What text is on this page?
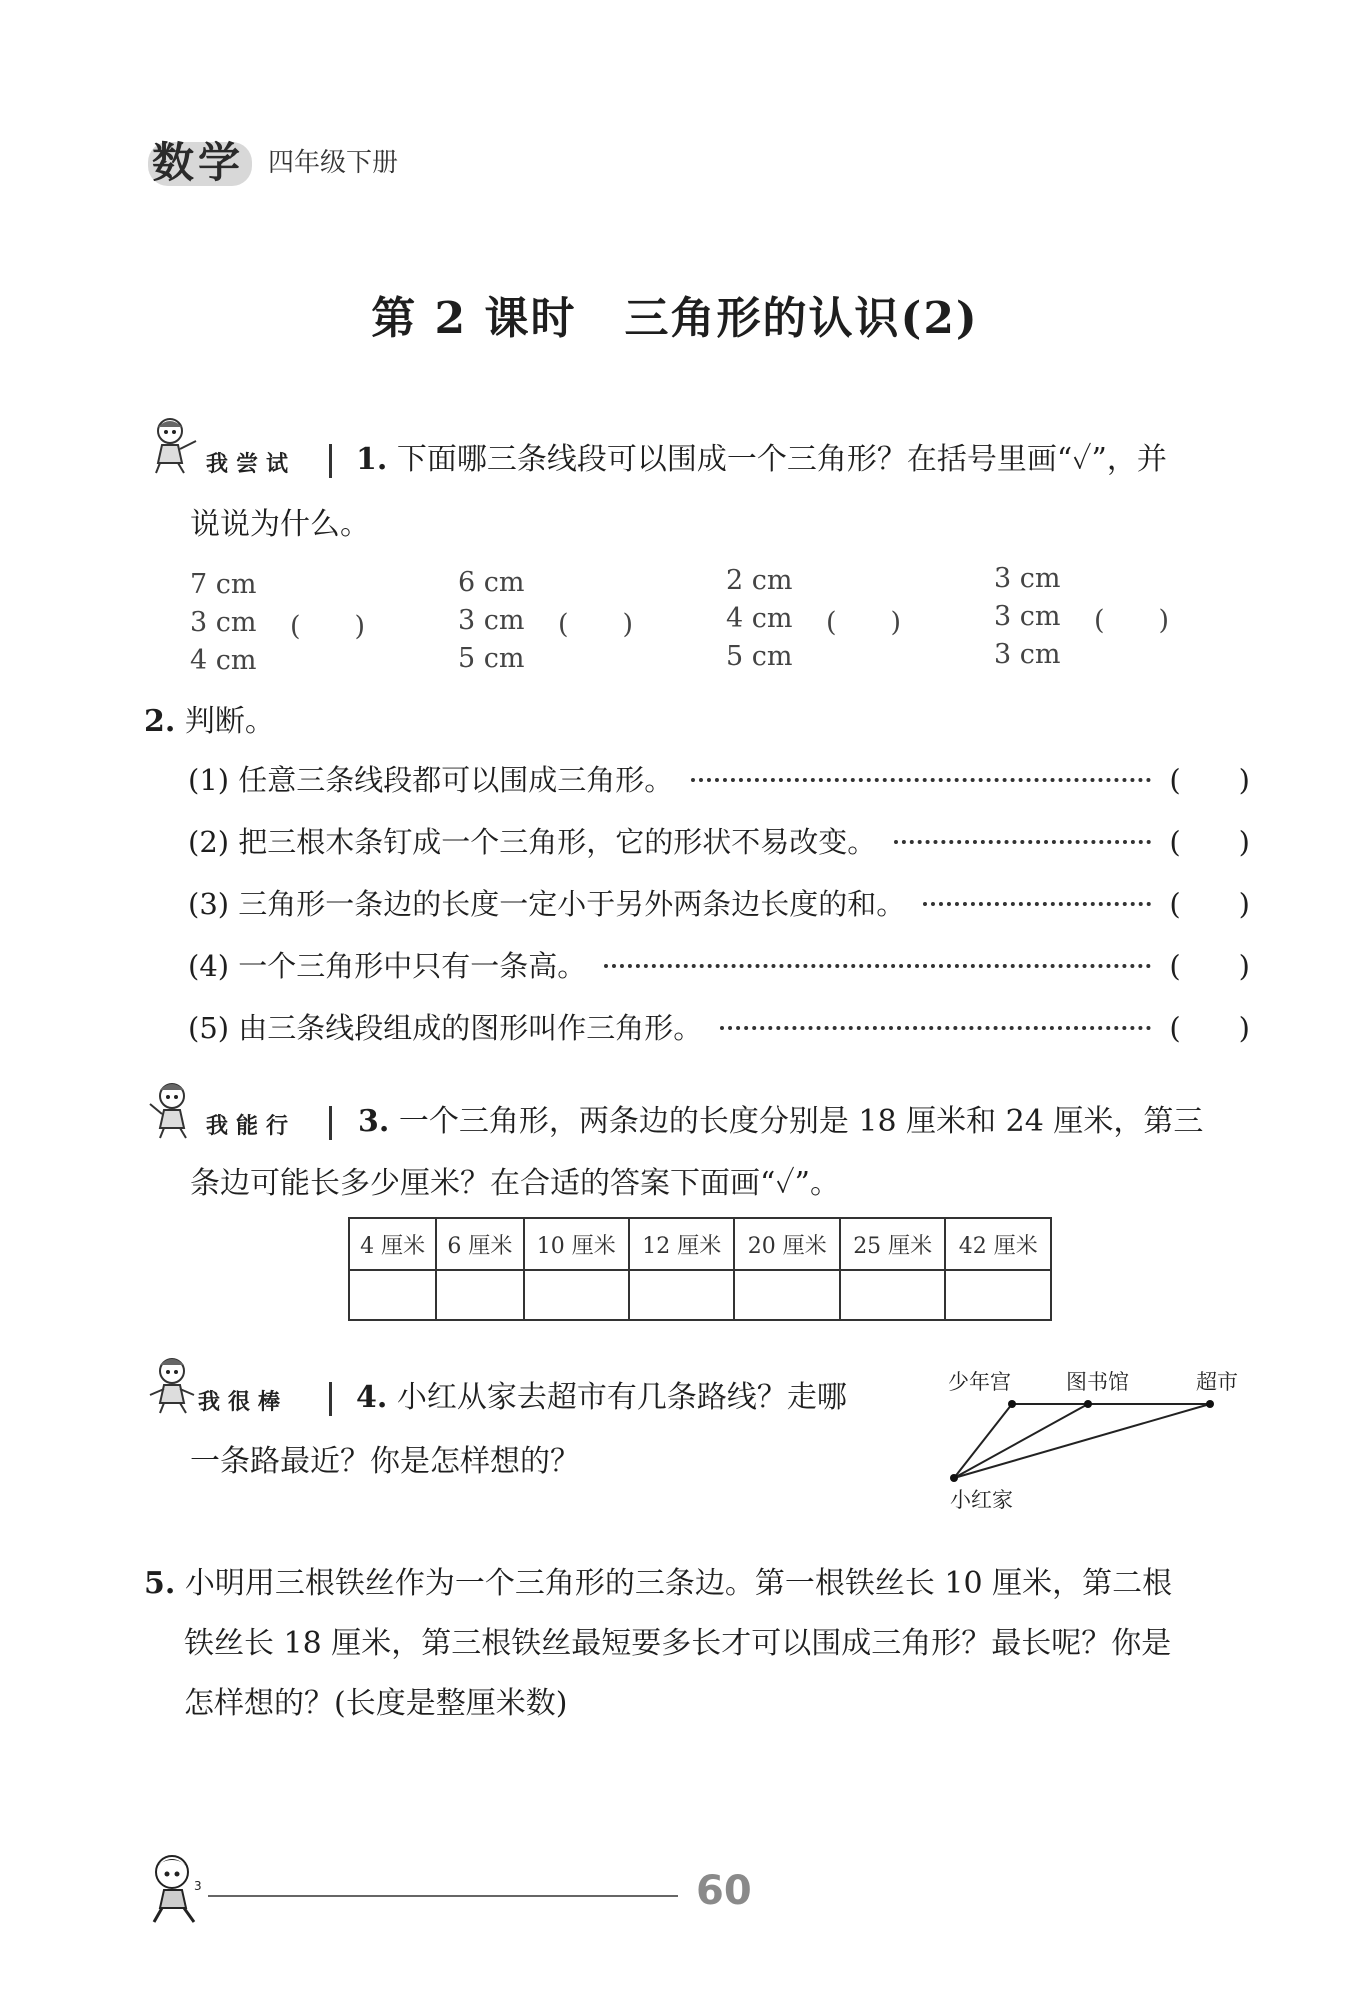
数学 四年级下册
第 2 课时 三角形的认识(2)
我尝试 1. 下面哪三条线段可以围成一个三角形？在括号里画“✓”，并
说说为什么。
7 cm
3 cm
4 cm
(　　)
6 cm
3 cm
5 cm
(　　)
2 cm
4 cm
5 cm
(　　)
3 cm
3 cm
3 cm
(　　)
2. 判断。
(1) 任意三条线段都可以围成三角形。	(　　)
(2) 把三根木条钉成一个三角形，它的形状不易改变。	(　　)
(3) 三角形一条边的长度一定小于另外两条边长度的和。	(　　)
(4) 一个三角形中只有一条高。	(　　)
(5) 由三条线段组成的图形叫作三角形。	(　　)
我能行 3. 一个三角形，两条边的长度分别是 18 厘米和 24 厘米，第三
条边可能长多少厘米？在合适的答案下面画“✓”。
4 厘米	6 厘米	10 厘米	12 厘米	20 厘米	25 厘米	42 厘米

我很棒 4. 小红从家去超市有几条路线？走哪
一条路最近？你是怎样想的？
少年宫	图书馆	超市
小红家
5. 小明用三根铁丝作为一个三角形的三条边。第一根铁丝长 10 厘米，第二根
铁丝长 18 厘米，第三根铁丝最短要多长才可以围成三角形？最长呢？你是
怎样想的？(长度是整厘米数)
3	60
